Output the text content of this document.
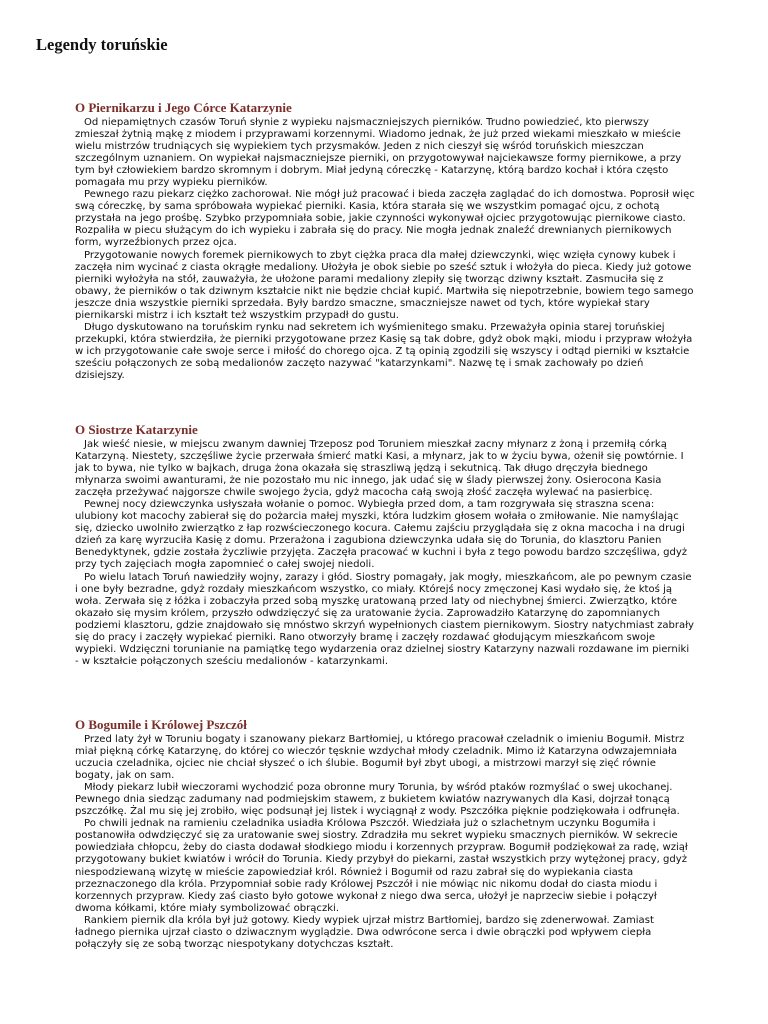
Legendy toruńskie
O Piernikarzu i Jego Córce Katarzynie

Od niepamiętnych czasów Toruń słynie z wypieku najsmaczniejszych pierników. Trudno powiedzieć, kto pierwszy zmieszał żytnią mąkę z miodem i przyprawami korzennymi. Wiadomo jednak, że już przed wiekami mieszkało w mieście wielu mistrzów trudniących się wypiekiem tych przysmaków. Jeden z nich cieszył się wśród toruńskich mieszczan szczególnym uznaniem. On wypiekał najsmaczniejsze pierniki, on przygotowywał najciekawsze formy piernikowe, a przy tym był człowiekiem bardzo skromnym i dobrym. Miał jedyną córeczkę - Katarzynę, którą bardzo kochał i która często pomagała mu przy wypieku pierników.

Pewnego razu piekarz ciężko zachorował. Nie mógł już pracować i bieda zaczęła zaglądać do ich domostwa. Poprosił więc swą córeczkę, by sama spróbowała wypiekać pierniki. Kasia, która starała się we wszystkim pomagać ojcu, z ochotą przystała na jego prośbę. Szybko przypomniała sobie, jakie czynności wykonywał ojciec przygotowując piernikowe ciasto. Rozpaliła w piecu służącym do ich wypieku i zabrała się do pracy. Nie mogła jednak znaleźć drewnianych piernikowych form, wyrzeźbionych przez ojca.

Przygotowanie nowych foremek piernikowych to zbyt ciężka praca dla małej dziewczynki, więc wzięła cynowy kubek i zaczęła nim wycinać z ciasta okrągłe medaliony. Ułożyła je obok siebie po sześć sztuk i włożyła do pieca. Kiedy już gotowe pierniki wyłożyła na stół, zauważyła, że ułożone parami medaliony zlepiły się tworząc dziwny kształt. Zasmuciła się z obawy, że pierników o tak dziwnym kształcie nikt nie będzie chciał kupić. Martwiła się niepotrzebnie, bowiem tego samego jeszcze dnia wszystkie pierniki sprzedała. Były bardzo smaczne, smaczniejsze nawet od tych, które wypiekał stary piernikarski mistrz i ich kształt też wszystkim przypadł do gustu.

Długo dyskutowano na toruńskim rynku nad sekretem ich wyśmienitego smaku. Przeważyła opinia starej toruńskiej przekupki, która stwierdziła, że pierniki przygotowane przez Kasię są tak dobre, gdyż obok mąki, miodu i przypraw włożyła w ich przygotowanie całe swoje serce i miłość do chorego ojca. Z tą opinią zgodzili się wszyscy i odtąd pierniki w kształcie sześciu połączonych ze sobą medalionów zaczęto nazywać "katarzynkami". Nazwę tę i smak zachowały po dzień dzisiejszy.

O Siostrze Katarzynie

Jak wieść niesie, w miejscu zwanym dawniej Trzeposz pod Toruniem mieszkał zacny młynarz z żoną i przemiłą córką Katarzyną. Niestety, szczęśliwe życie przerwała śmierć matki Kasi, a młynarz, jak to w życiu bywa, ożenił się powtórnie. I jak to bywa, nie tylko w bajkach, druga żona okazała się straszliwą jędzą i sekutnicą. Tak długo dręczyła biednego młynarza swoimi awanturami, że nie pozostało mu nic innego, jak udać się w ślady pierwszej żony. Osierocona Kasia zaczęła przeżywać najgorsze chwile swojego życia, gdyż macocha całą swoją złość zaczęła wylewać na pasierbicę.

Pewnej nocy dziewczynka usłyszała wołanie o pomoc. Wybiegła przed dom, a tam rozgrywała się straszna scena: ulubiony kot macochy zabierał się do pożarcia małej myszki, która ludzkim głosem wołała o zmiłowanie. Nie namyślając się, dziecko uwolniło zwierzątko z łap rozwścieczonego kocura. Całemu zajściu przyglądała się z okna macocha i na drugi dzień za karę wyrzuciła Kasię z domu. Przerażona i zagubiona dziewczynka udała się do Torunia, do klasztoru Panien Benedyktynek, gdzie została życzliwie przyjęta. Zaczęła pracować w kuchni i była z tego powodu bardzo szczęśliwa, gdyż przy tych zajęciach mogła zapomnieć o całej swojej niedoli.

Po wielu latach Toruń nawiedziły wojny, zarazy i głód. Siostry pomagały, jak mogły, mieszkańcom, ale po pewnym czasie i one były bezradne, gdyż rozdały mieszkańcom wszystko, co miały. Którejś nocy zmęczonej Kasi wydało się, że ktoś ją woła. Zerwała się z łóżka i zobaczyła przed sobą myszkę uratowaną przed laty od niechybnej śmierci. Zwierzątko, które okazało się mysim królem, przyszło odwdzięczyć się za uratowanie życia. Zaprowadziło Katarzynę do zapomnianych podziemi klasztoru, gdzie znajdowało się mnóstwo skrzyń wypełnionych ciastem piernikowym. Siostry natychmiast zabrały się do pracy i zaczęły wypiekać pierniki. Rano otworzyły bramę i zaczęły rozdawać głodującym mieszkańcom swoje wypieki. Wdzięczni torunianie na pamiątkę tego wydarzenia oraz dzielnej siostry Katarzyny nazwali rozdawane im pierniki - w kształcie połączonych sześciu medalionów - katarzynkami.

O Bogumile i Królowej Pszczół

Przed laty żył w Toruniu bogaty i szanowany piekarz Bartłomiej, u którego pracował czeladnik o imieniu Bogumił. Mistrz miał piękną córkę Katarzynę, do której co wieczór tęsknie wzdychał młody czeladnik. Mimo iż Katarzyna odwzajemniała uczucia czeladnika, ojciec nie chciał słyszeć o ich ślubie. Bogumił był zbyt ubogi, a mistrzowi marzył się zięć równie bogaty, jak on sam.

Młody piekarz lubił wieczorami wychodzić poza obronne mury Torunia, by wśród ptaków rozmyślać o swej ukochanej. Pewnego dnia siedząc zadumany nad podmiejskim stawem, z bukietem kwiatów nazrywanych dla Kasi, dojrzał tonącą pszczółkę. Żal mu się jej zrobiło, więc podsunął jej listek i wyciągnął z wody. Pszczółka pięknie podziękowała i odfrunęła.

Po chwili jednak na ramieniu czeladnika usiadła Królowa Pszczół. Wiedziała już o szlachetnym uczynku Bogumiła i postanowiła odwdzięczyć się za uratowanie swej siostry. Zdradziła mu sekret wypieku smacznych pierników. W sekrecie powiedziała chłopcu, żeby do ciasta dodawał słodkiego miodu i korzennych przypraw. Bogumił podziękował za radę, wziął przygotowany bukiet kwiatów i wrócił do Torunia. Kiedy przybył do piekarni, zastał wszystkich przy wytężonej pracy, gdyż niespodziewaną wizytę w mieście zapowiedział król. Również i Bogumił od razu zabrał się do wypiekania ciasta przeznaczonego dla króla. Przypomniał sobie rady Królowej Pszczół i nie mówiąc nic nikomu dodał do ciasta miodu i korzennych przypraw. Kiedy zaś ciasto było gotowe wykonał z niego dwa serca, ułożył je naprzeciw siebie i połączył dwoma kółkami, które miały symbolizować obrączki.

Rankiem piernik dla króla był już gotowy. Kiedy wypiek ujrzał mistrz Bartłomiej, bardzo się zdenerwował. Zamiast ładnego piernika ujrzał ciasto o dziwacznym wyglądzie. Dwa odwrócone serca i dwie obrączki pod wpływem ciepła połączyły się ze sobą tworząc niespotykany dotychczas kształt.
